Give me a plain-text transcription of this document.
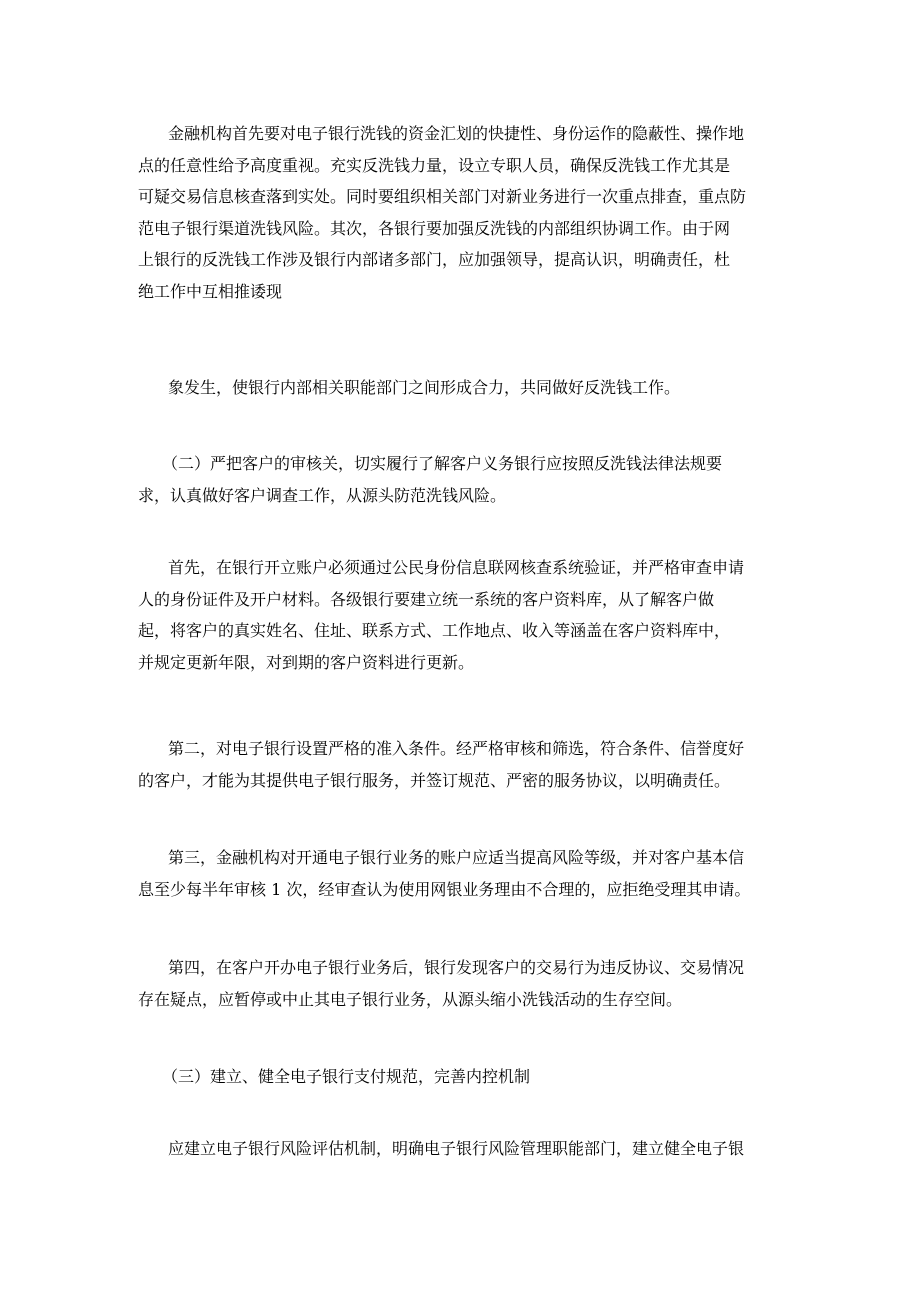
金融机构首先要对电子银行洗钱的资金汇划的快捷性、身份运作的隐蔽性、操作地
点的任意性给予高度重视。充实反洗钱力量，设立专职人员，确保反洗钱工作尤其是
可疑交易信息核查落到实处。同时要组织相关部门对新业务进行一次重点排查，重点防
范电子银行渠道洗钱风险。其次，各银行要加强反洗钱的内部组织协调工作。由于网
上银行的反洗钱工作涉及银行内部诸多部门，应加强领导，提高认识，明确责任，杜
绝工作中互相推诿现
象发生，使银行内部相关职能部门之间形成合力，共同做好反洗钱工作。
（二）严把客户的审核关，切实履行了解客户义务银行应按照反洗钱法律法规要
求，认真做好客户调查工作，从源头防范洗钱风险。
首先，在银行开立账户必须通过公民身份信息联网核查系统验证，并严格审查申请
人的身份证件及开户材料。各级银行要建立统一系统的客户资料库，从了解客户做
起，将客户的真实姓名、住址、联系方式、工作地点、收入等涵盖在客户资料库中，
并规定更新年限，对到期的客户资料进行更新。
第二，对电子银行设置严格的准入条件。经严格审核和筛选，符合条件、信誉度好
的客户，才能为其提供电子银行服务，并签订规范、严密的服务协议，以明确责任。
第三，金融机构对开通电子银行业务的账户应适当提高风险等级，并对客户基本信
息至少每半年审核 1 次，经审查认为使用网银业务理由不合理的，应拒绝受理其申请。
第四，在客户开办电子银行业务后，银行发现客户的交易行为违反协议、交易情况
存在疑点，应暂停或中止其电子银行业务，从源头缩小洗钱活动的生存空间。
（三）建立、健全电子银行支付规范，完善内控机制
应建立电子银行风险评估机制，明确电子银行风险管理职能部门，建立健全电子银
